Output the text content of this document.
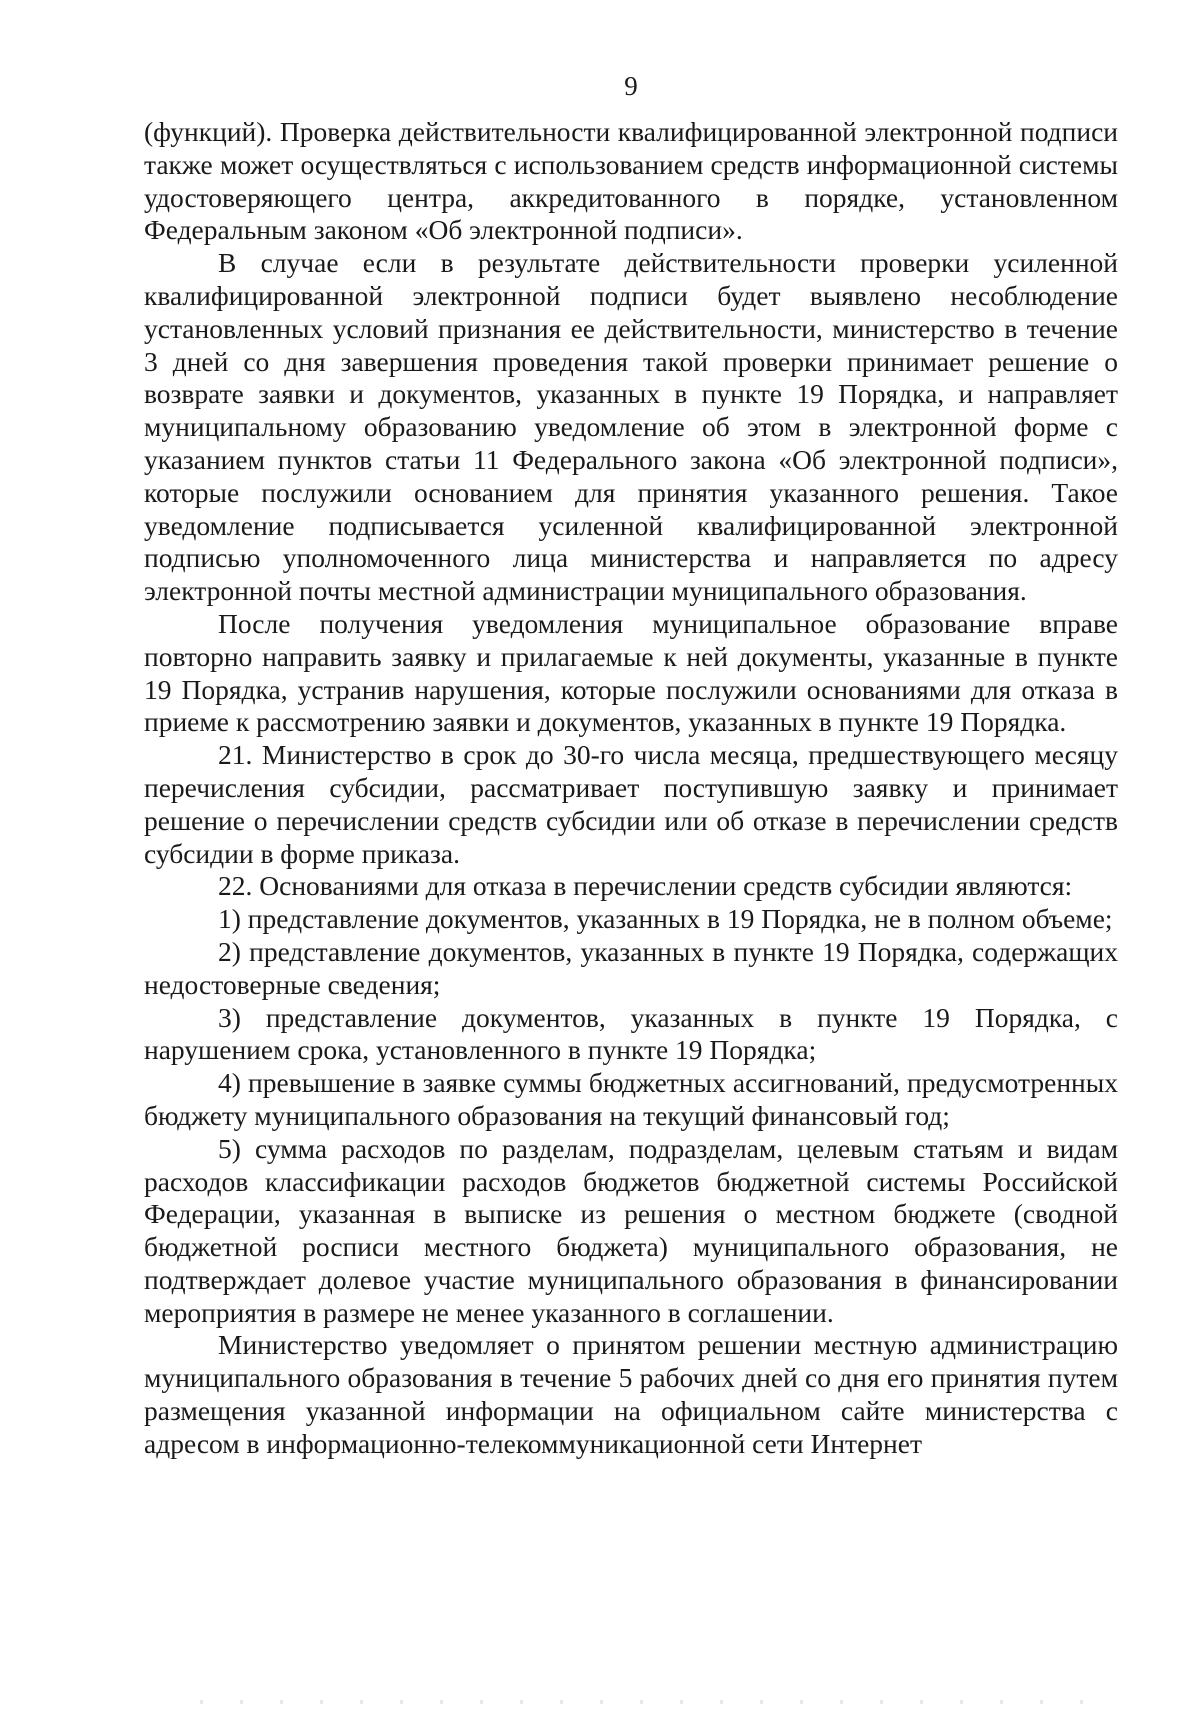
9

(функций). Проверка действительности квалифицированной электронной подписи также может осуществляться с использованием средств информационной системы удостоверяющего центра, аккредитованного в порядке, установленном Федеральным законом «Об электронной подписи».

В случае если в результате действительности проверки усиленной квалифицированной электронной подписи будет выявлено несоблюдение установленных условий признания ее действительности, министерство в течение 3 дней со дня завершения проведения такой проверки принимает решение о возврате заявки и документов, указанных в пункте 19 Порядка, и направляет муниципальному образованию уведомление об этом в электронной форме с указанием пунктов статьи 11 Федерального закона «Об электронной подписи», которые послужили основанием для принятия указанного решения. Такое уведомление подписывается усиленной квалифицированной электронной подписью уполномоченного лица министерства и направляется по адресу электронной почты местной администрации муниципального образования.

После получения уведомления муниципальное образование вправе повторно направить заявку и прилагаемые к ней документы, указанные в пункте 19 Порядка, устранив нарушения, которые послужили основаниями для отказа в приеме к рассмотрению заявки и документов, указанных в пункте 19 Порядка.

21. Министерство в срок до 30-го числа месяца, предшествующего месяцу перечисления субсидии, рассматривает поступившую заявку и принимает решение о перечислении средств субсидии или об отказе в перечислении средств субсидии в форме приказа.

22. Основаниями для отказа в перечислении средств субсидии являются:

1) представление документов, указанных в 19 Порядка, не в полном объеме;

2) представление документов, указанных в пункте 19 Порядка, содержащих недостоверные сведения;

3) представление документов, указанных в пункте 19 Порядка, с нарушением срока, установленного в пункте 19 Порядка;

4) превышение в заявке суммы бюджетных ассигнований, предусмотренных бюджету муниципального образования на текущий финансовый год;

5) сумма расходов по разделам, подразделам, целевым статьям и видам расходов классификации расходов бюджетов бюджетной системы Российской Федерации, указанная в выписке из решения о местном бюджете (сводной бюджетной росписи местного бюджета) муниципального образования, не подтверждает долевое участие муниципального образования в финансировании мероприятия в размере не менее указанного в соглашении.

Министерство уведомляет о принятом решении местную администрацию муниципального образования в течение 5 рабочих дней со дня его принятия путем размещения указанной информации на официальном сайте министерства с адресом в информационно-телекоммуникационной сети Интернет
